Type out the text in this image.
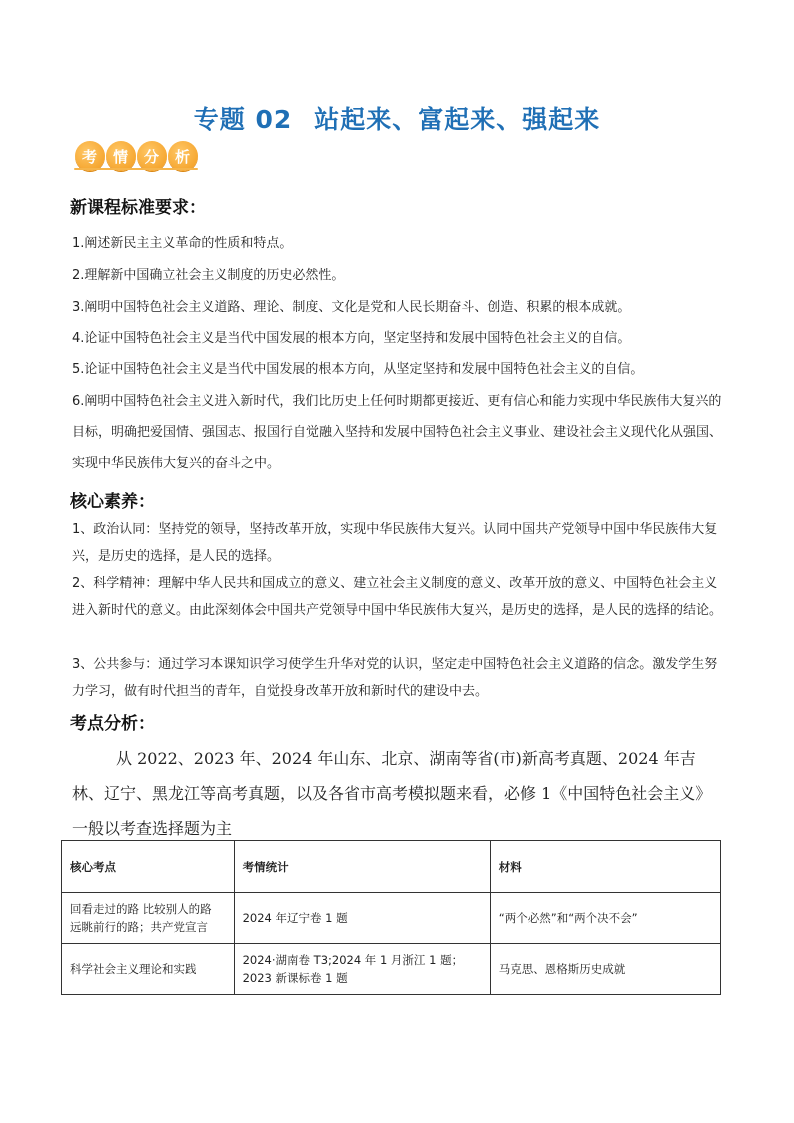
专题 02 站起来、富起来、强起来
考	情	分	析
新课程标准要求：
1.阐述新民主主义革命的性质和特点。
2.理解新中国确立社会主义制度的历史必然性。
3.阐明中国特色社会主义道路、理论、制度、文化是党和人民长期奋斗、创造、积累的根本成就。
4.论证中国特色社会主义是当代中国发展的根本方向，坚定坚持和发展中国特色社会主义的自信。
5.论证中国特色社会主义是当代中国发展的根本方向，从坚定坚持和发展中国特色社会主义的自信。
6.阐明中国特色社会主义进入新时代，我们比历史上任何时期都更接近、更有信心和能力实现中华民族伟大复兴的目标，明确把爱国情、强国志、报国行自觉融入坚持和发展中国特色社会主义事业、建设社会主义现代化从强国、实现中华民族伟大复兴的奋斗之中。
核心素养：
1、政治认同：坚持党的领导，坚持改革开放，实现中华民族伟大复兴。认同中国共产党领导中国中华民族伟大复兴，是历史的选择，是人民的选择。
2、科学精神：理解中华人民共和国成立的意义、建立社会主义制度的意义、改革开放的意义、中国特色社会主义进入新时代的意义。由此深刻体会中国共产党领导中国中华民族伟大复兴，是历史的选择，是人民的选择的结论。
3、公共参与：通过学习本课知识学习使学生升华对党的认识，坚定走中国特色社会主义道路的信念。激发学生努力学习，做有时代担当的青年，自觉投身改革开放和新时代的建设中去。
考点分析：
从 2022、2023 年、2024 年山东、北京、湖南等省(市)新高考真题、2024 年吉林、辽宁、黑龙江等高考真题，以及各省市高考模拟题来看，必修 1《中国特色社会主义》一般以考查选择题为主
核心考点	考情统计	材料
回看走过的路 比较别人的路 远眺前行的路；共产党宣言	2024 年辽宁卷 1 题	“两个必然”和“两个决不会”
科学社会主义理论和实践	2024·湖南卷 T3;2024 年 1 月浙江 1 题；2023 新课标卷 1 题	马克思、恩格斯历史成就
